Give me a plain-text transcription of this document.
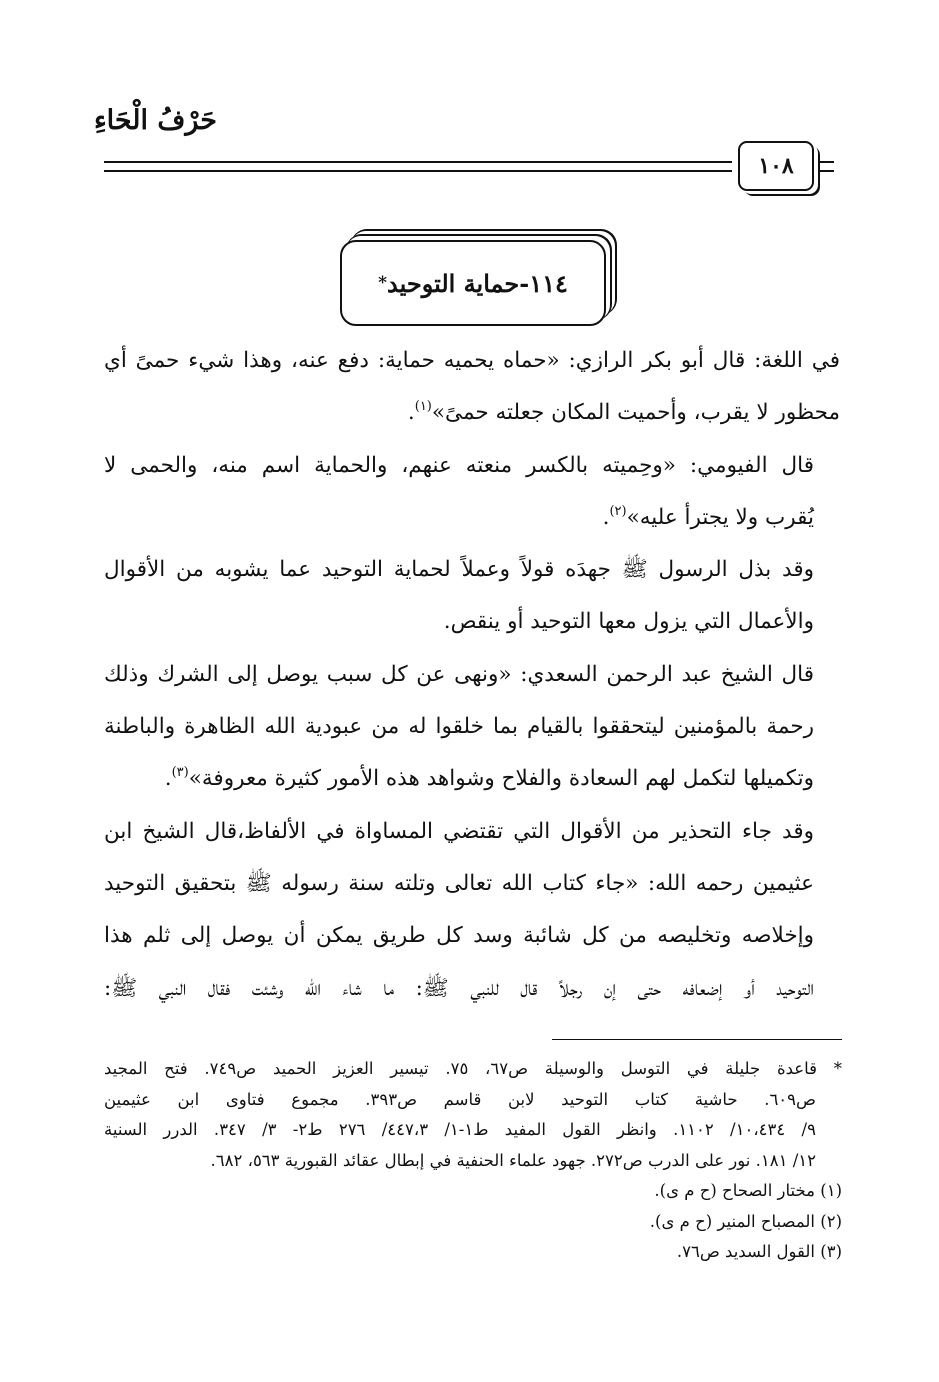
حَرْفُ الْحَاءِ
١٠٨
١١٤-
حماية التوحيد
*

في اللغة: قال أبو بكر الرازي: «حماه يحميه حماية: دفع عنه، وهذا شيء حمىً أي
محظور لا يقرب، وأحميت المكان جعلته حمىً»$^{(١)}$.

قال الفيومي: «وحِميته بالكسر منعته عنهم، والحماية اسم منه، والحمى لا
يُقرب ولا يجترأ عليه»$^{(٢)}$.

وقد بذل الرسول ﷺ جهدَه قولاً وعملاً لحماية التوحيد عما يشوبه من الأقوال
والأعمال التي يزول معها التوحيد أو ينقص.

قال الشيخ عبد الرحمن السعدي: «ونهى عن كل سبب يوصل إلى الشرك وذلك
رحمة بالمؤمنين ليتحققوا بالقيام بما خلقوا له من عبودية الله الظاهرة والباطنة
وتكميلها لتكمل لهم السعادة والفلاح وشواهد هذه الأمور كثيرة معروفة»$^{(٣)}$.

وقد جاء التحذير من الأقوال التي تقتضي المساواة في الألفاظ،قال الشيخ ابن
عثيمين رحمه الله: «جاء كتاب الله تعالى وتلته سنة رسوله ﷺ بتحقيق التوحيد
وإخلاصه وتخليصه من كل شائبة وسد كل طريق يمكن أن يوصل إلى ثلم هذا
التوحيد أو إضعافه حتى إن رجلاً قال للنبي ﷺ: ما شاء الله وشئت فقال النبي ﷺ:

* قاعدة جليلة في التوسل والوسيلة ص٦٧، ٧٥. تيسير العزيز الحميد ص٧٤٩. فتح المجيد
ص٦٠٩. حاشية كتاب التوحيد لابن قاسم ص٣٩٣. مجموع فتاوى ابن عثيمين
٩/ ١٠،٤٣٤/ ١١٠٢. وانظر القول المفيد ط١-١/ ٤٤٧،٣/ ٢٧٦ ط٢- ٣/ ٣٤٧. الدرر السنية
١٢/ ١٨١. نور على الدرب ص٢٧٢. جهود علماء الحنفية في إبطال عقائد القبورية ٥٦٣، ٦٨٢.
(١) مختار الصحاح (ح م ى).
(٢) المصباح المنير (ح م ى).
(٣) القول السديد ص٧٦.
